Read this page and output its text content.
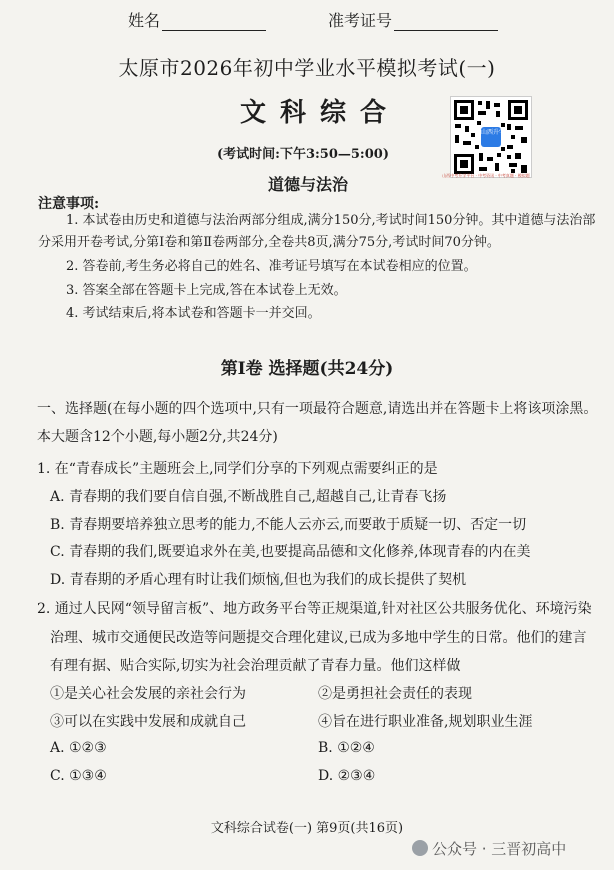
姓名	准考证号
太原市2026年初中学业水平模拟考试(一)
文科综合
(考试时间:下午3:50—5:00)
道德与法治
山西升学
山西中考升学平台 · 中考资讯 · 中考真题 · 模拟题
注意事项:
1. 本试卷由历史和道德与法治两部分组成,满分150分,考试时间150分钟。其中道德与法治部分采用开卷考试,分第Ⅰ卷和第Ⅱ卷两部分,全卷共8页,满分75分,考试时间70分钟。
2. 答卷前,考生务必将自己的姓名、准考证号填写在本试卷相应的位置。
3. 答案全部在答题卡上完成,答在本试卷上无效。
4. 考试结束后,将本试卷和答题卡一并交回。
第Ⅰ卷 选择题(共24分)
一、选择题(在每小题的四个选项中,只有一项最符合题意,请选出并在答题卡上将该项涂黑。
本大题含12个小题,每小题2分,共24分)
1. 在“青春成长”主题班会上,同学们分享的下列观点需要纠正的是
A. 青春期的我们要自信自强,不断战胜自己,超越自己,让青春飞扬
B. 青春期要培养独立思考的能力,不能人云亦云,而要敢于质疑一切、否定一切
C. 青春期的我们,既要追求外在美,也要提高品德和文化修养,体现青春的内在美
D. 青春期的矛盾心理有时让我们烦恼,但也为我们的成长提供了契机
2. 通过人民网“领导留言板”、地方政务平台等正规渠道,针对社区公共服务优化、环境污染
治理、城市交通便民改造等问题提交合理化建议,已成为多地中学生的日常。他们的建言
有理有据、贴合实际,切实为社会治理贡献了青春力量。他们这样做
①是关心社会发展的亲社会行为	②是勇担社会责任的表现
③可以在实践中发展和成就自己	④旨在进行职业准备,规划职业生涯
A. ①②③	B. ①②④
C. ①③④	D. ②③④
文科综合试卷(一) 第9页(共16页)
公众号 · 三晋初高中
